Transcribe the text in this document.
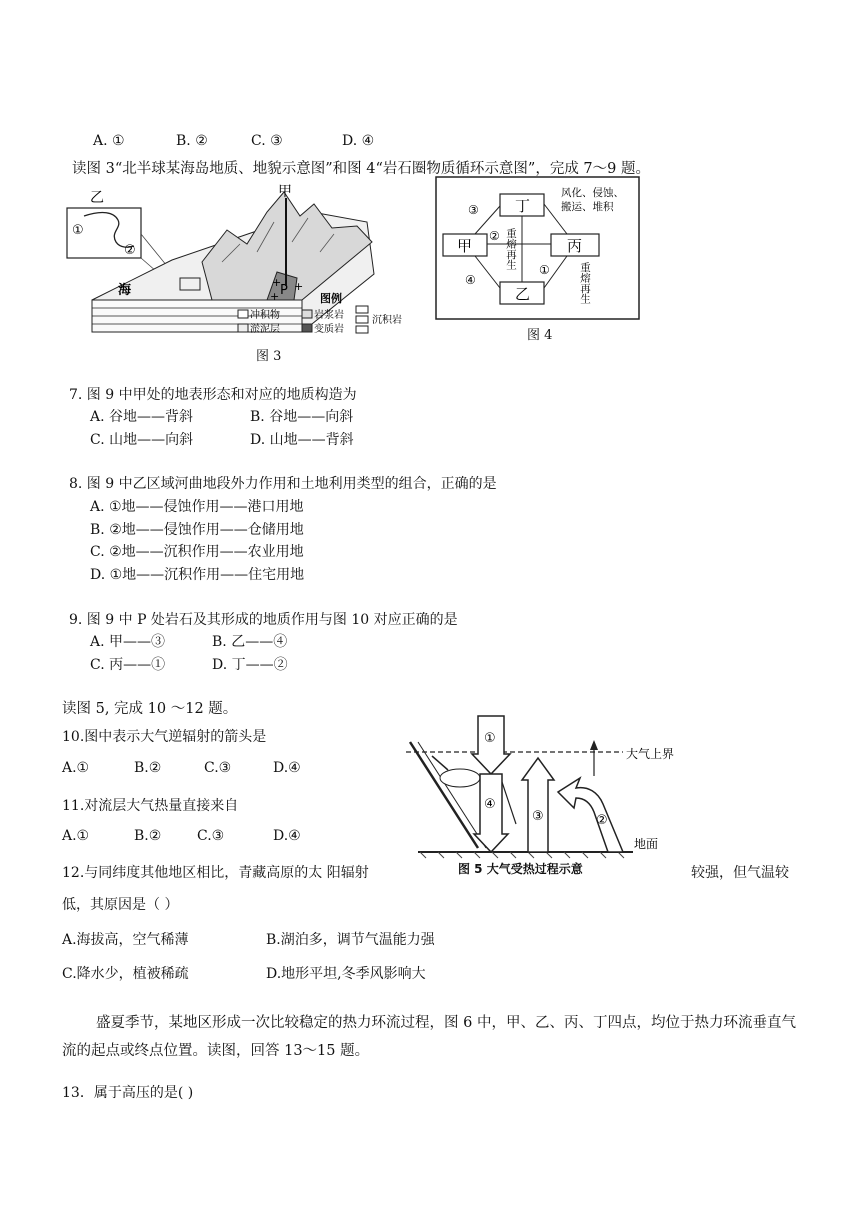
A. ①	B. ②	C. ③	D. ④
读图 3“北半球某海岛地质、地貌示意图”和图 4“岩石圈物质循环示意图”，完成 7～9 题。
乙
①
②
P
+ +
+
甲
海
图例
冲积物	岩浆岩
淤泥层	变质岩
沉积岩
图 3
丁
甲	丙
乙
③
②
④
①
风化、侵蚀、
搬运、堆积
重熔再生
重熔再生
图 4
7. 图 9 中甲处的地表形态和对应的地质构造为
A. 谷地——背斜	B. 谷地——向斜
C. 山地——向斜	D. 山地——背斜
8. 图 9 中乙区域河曲地段外力作用和土地利用类型的组合，正确的是
A. ①地——侵蚀作用——港口用地
B. ②地——侵蚀作用——仓储用地
C. ②地——沉积作用——农业用地
D. ①地——沉积作用——住宅用地
9. 图 9 中 P 处岩石及其形成的地质作用与图 10 对应正确的是
A. 甲——③	B. 乙——④
C. 丙——①	D. 丁——②
读图 5, 完成 10 ～12 题。
10.图中表示大气逆辐射的箭头是
A.①	B.②	C.③	D.④
11.对流层大气热量直接来自
A.①	B.②	C.③	D.④
大气上界
地面
①
④
③	②
图 5 大气受热过程示意
12.与同纬度其他地区相比，青藏高原的太 阳辐射	较强，但气温较
低，其原因是（ ）
A.海拔高，空气稀薄	B.湖泊多，调节气温能力强
C.降水少，植被稀疏	D.地形平坦,冬季风影响大
盛夏季节，某地区形成一次比较稳定的热力环流过程，图 6 中，甲、乙、丙、丁四点，均位于热力环流垂直气流的起点或终点位置。读图，回答 13～15 题。
13．属于高压的是( )
